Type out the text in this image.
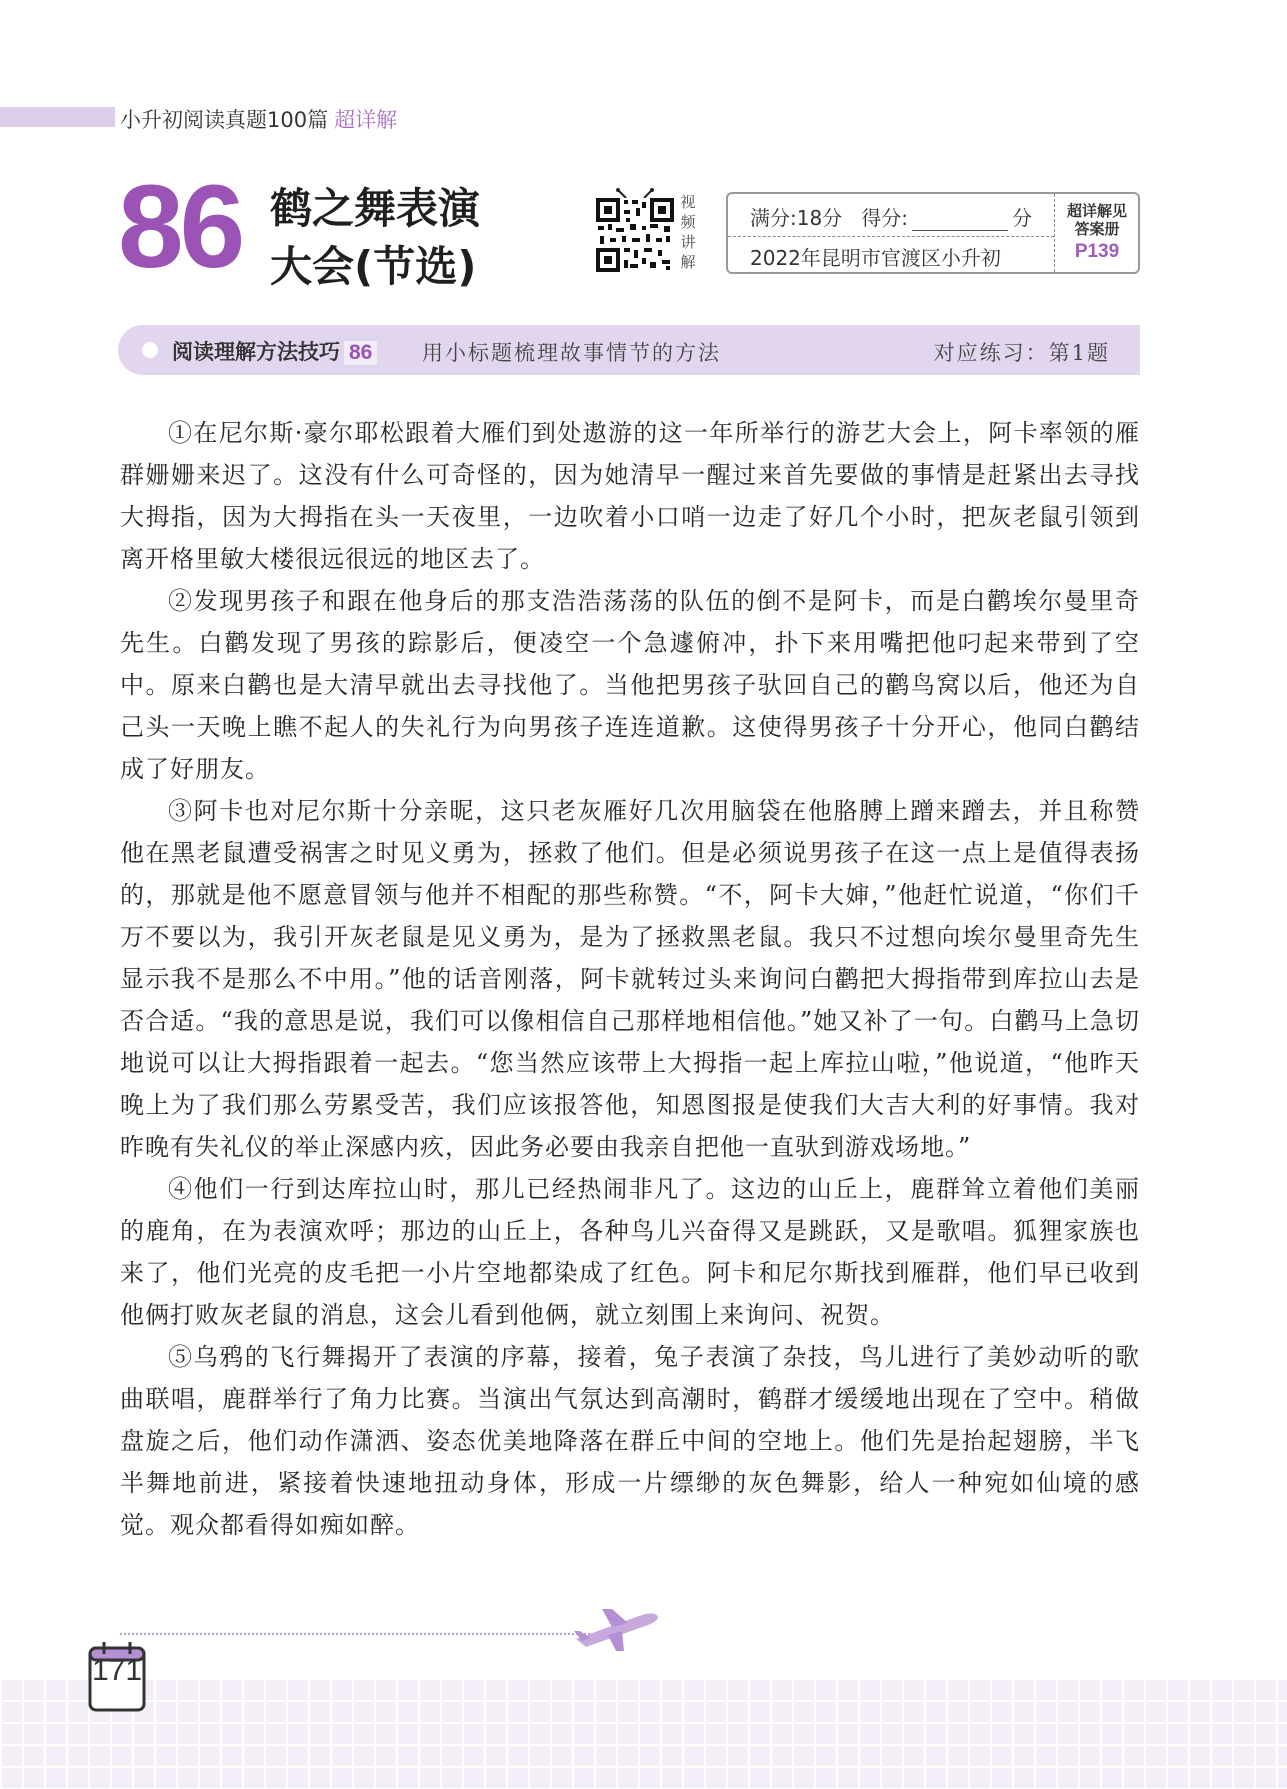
小升初阅读真题100篇 超详解
86 鹤之舞表演
大会(节选)
视
频
讲
解
满分:18分 得分:	分
2022年昆明市官渡区小升初
超详解见
答案册
P139
阅读理解方法技巧 86 用小标题梳理故事情节的方法	对应练习：第1题

①在尼尔斯·豪尔耶松跟着大雁们到处遨游的这一年所举行的游艺大会上，阿卡率领的雁群姗姗来迟了。这没有什么可奇怪的，因为她清早一醒过来首先要做的事情是赶紧出去寻找大拇指，因为大拇指在头一天夜里，一边吹着小口哨一边走了好几个小时，把灰老鼠引领到离开格里敏大楼很远很远的地区去了。

②发现男孩子和跟在他身后的那支浩浩荡荡的队伍的倒不是阿卡，而是白鹳埃尔曼里奇先生。白鹳发现了男孩的踪影后，便凌空一个急遽俯冲，扑下来用嘴把他叼起来带到了空中。原来白鹳也是大清早就出去寻找他了。当他把男孩子驮回自己的鹳鸟窝以后，他还为自己头一天晚上瞧不起人的失礼行为向男孩子连连道歉。这使得男孩子十分开心，他同白鹳结成了好朋友。

③阿卡也对尼尔斯十分亲昵，这只老灰雁好几次用脑袋在他胳膊上蹭来蹭去，并且称赞他在黑老鼠遭受祸害之时见义勇为，拯救了他们。但是必须说男孩子在这一点上是值得表扬的，那就是他不愿意冒领与他并不相配的那些称赞。“不，阿卡大婶，”他赶忙说道，“你们千万不要以为，我引开灰老鼠是见义勇为，是为了拯救黑老鼠。我只不过想向埃尔曼里奇先生显示我不是那么不中用。”他的话音刚落，阿卡就转过头来询问白鹳把大拇指带到库拉山去是否合适。“我的意思是说，我们可以像相信自己那样地相信他。”她又补了一句。白鹳马上急切地说可以让大拇指跟着一起去。“您当然应该带上大拇指一起上库拉山啦，”他说道，“他昨天晚上为了我们那么劳累受苦，我们应该报答他，知恩图报是使我们大吉大利的好事情。我对昨晚有失礼仪的举止深感内疚，因此务必要由我亲自把他一直驮到游戏场地。”

④他们一行到达库拉山时，那儿已经热闹非凡了。这边的山丘上，鹿群耸立着他们美丽的鹿角，在为表演欢呼；那边的山丘上，各种鸟儿兴奋得又是跳跃，又是歌唱。狐狸家族也来了，他们光亮的皮毛把一小片空地都染成了红色。阿卡和尼尔斯找到雁群，他们早已收到他俩打败灰老鼠的消息，这会儿看到他俩，就立刻围上来询问、祝贺。

⑤乌鸦的飞行舞揭开了表演的序幕，接着，兔子表演了杂技，鸟儿进行了美妙动听的歌曲联唱，鹿群举行了角力比赛。当演出气氛达到高潮时，鹤群才缓缓地出现在了空中。稍做盘旋之后，他们动作潇洒、姿态优美地降落在群丘中间的空地上。他们先是抬起翅膀，半飞半舞地前进，紧接着快速地扭动身体，形成一片缥缈的灰色舞影，给人一种宛如仙境的感觉。观众都看得如痴如醉。

171
